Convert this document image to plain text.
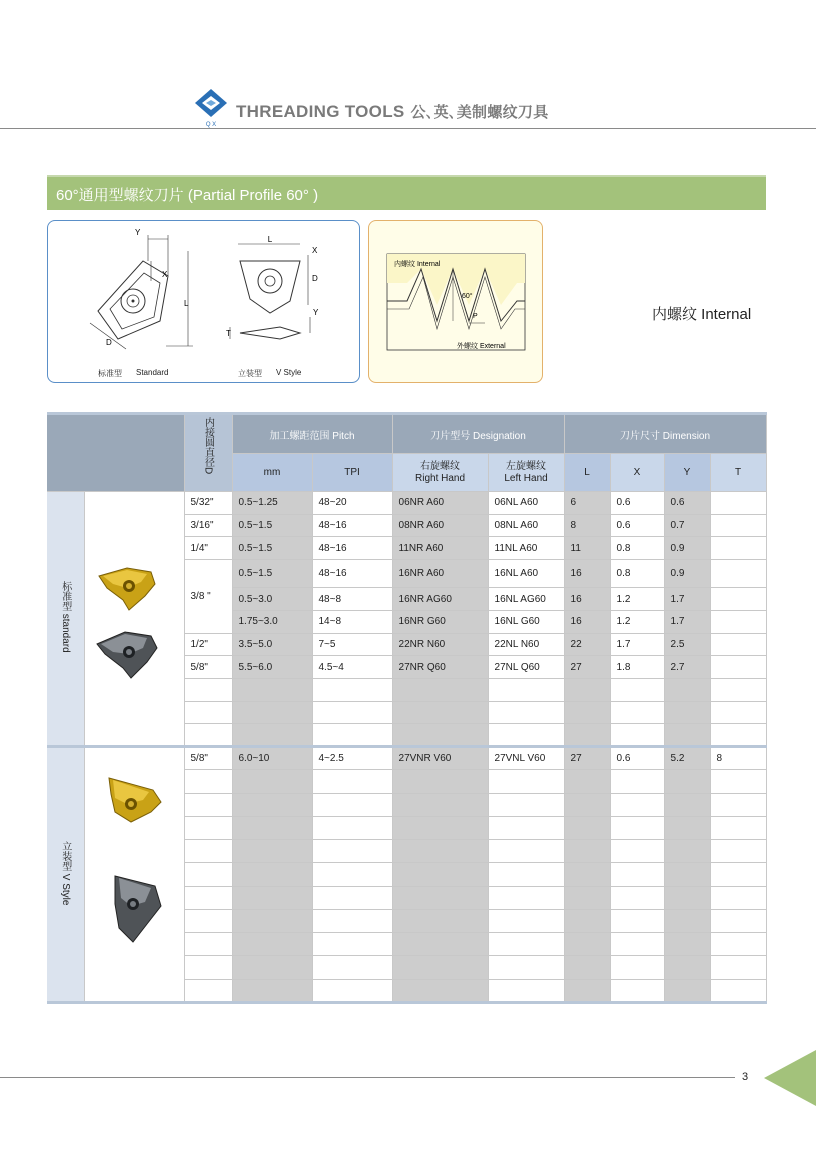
Q X
THREADING TOOLS 公､英､美制螺纹刀具
60°通用型螺纹刀片 (Partial Profile 60° )
Y
X
L
D
L
X
D
T
Y
标准型 Standard	立装型 V Style
内螺纹 Internal
60°
P
外螺纹 External
内螺纹 Internal
		内接圆直径D	加工螺距范围 Pitch		刀片型号 Designation		刀片尺寸 Dimension			
			mm	TPI	右旋螺纹
Right Hand	左旋螺纹
Left Hand	L	X	Y	T
标准型 standard		5/32"	0.5~1.25	48~20	06NR A60	06NL A60	6	0.6	0.6	
		3/16"	0.5~1.5	48~16	08NR A60	08NL A60	8	0.6	0.7	
		1/4"	0.5~1.5	48~16	11NR A60	11NL A60	11	0.8	0.9	
		3/8 "	0.5~1.5	48~16	16NR A60	16NL A60	16	0.8	0.9	
			0.5~3.0	48~8	16NR AG60	16NL AG60	16	1.2	1.7	
			1.75~3.0	14~8	16NR G60	16NL G60	16	1.2	1.7	
		1/2"	3.5~5.0	7~5	22NR N60	22NL N60	22	1.7	2.5	
		5/8"	5.5~6.0	4.5~4	27NR Q60	27NL Q60	27	1.8	2.7	

立装型 V Style		5/8"	6.0~10	4~2.5	27VNR V60	27VNL V60	27	0.6	5.2	8

3
